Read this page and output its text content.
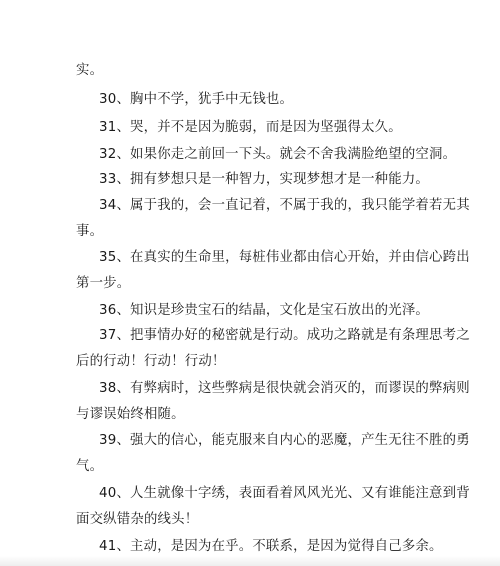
实。
30、胸中不学，犹手中无钱也。
31、哭，并不是因为脆弱，而是因为坚强得太久。
32、如果你走之前回一下头。就会不舍我满脸绝望的空洞。
33、拥有梦想只是一种智力，实现梦想才是一种能力。
34、属于我的，会一直记着，不属于我的，我只能学着若无其
事。
35、在真实的生命里，每桩伟业都由信心开始，并由信心跨出
第一步。
36、知识是珍贵宝石的结晶，文化是宝石放出的光泽。
37、把事情办好的秘密就是行动。成功之路就是有条理思考之
后的行动！行动！行动！
38、有弊病时，这些弊病是很快就会消灭的，而谬误的弊病则
与谬误始终相随。
39、强大的信心，能克服来自内心的恶魔，产生无往不胜的勇
气。
40、人生就像十字绣，表面看着风风光光、又有谁能注意到背
面交纵错杂的线头！
41、主动，是因为在乎。不联系，是因为觉得自己多余。
